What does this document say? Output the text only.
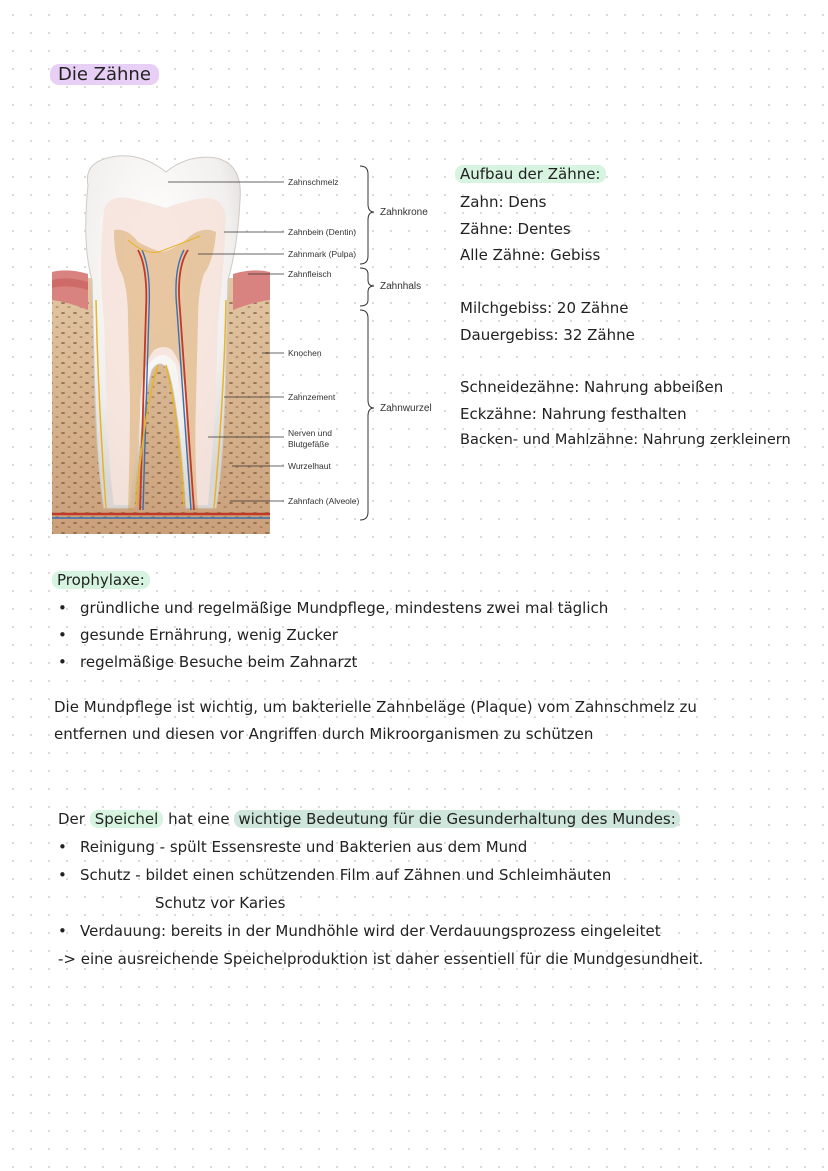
Die Zähne
Zahnschmelz
Zahnbein (Dentin)
Zahnmark (Pulpa)
Zahnfleisch
Knochen
Zahnzement
Nerven und
Blutgefäße
Wurzelhaut
Zahnfach (Alveole)
Zahnkrone
Zahnhals
Zahnwurzel
Aufbau der Zähne:
Zahn: Dens
Zähne: Dentes
Alle Zähne: Gebiss
Milchgebiss: 20 Zähne
Dauergebiss: 32 Zähne
Schneidezähne: Nahrung abbeißen
Eckzähne: Nahrung festhalten
Backen- und Mahlzähne: Nahrung zerkleinern
Prophylaxe:
• gründliche und regelmäßige Mundpflege, mindestens zwei mal täglich
• gesunde Ernährung, wenig Zucker
• regelmäßige Besuche beim Zahnarzt
Die Mundpflege ist wichtig, um bakterielle Zahnbeläge (Plaque) vom Zahnschmelz zu
entfernen und diesen vor Angriffen durch Mikroorganismen zu schützen
Der Speichel hat eine wichtige Bedeutung für die Gesunderhaltung des Mundes:
• Reinigung - spült Essensreste und Bakterien aus dem Mund
• Schutz - bildet einen schützenden Film auf Zähnen und Schleimhäuten
Schutz vor Karies
• Verdauung: bereits in der Mundhöhle wird der Verdauungsprozess eingeleitet
-> eine ausreichende Speichelproduktion ist daher essentiell für die Mundgesundheit.
